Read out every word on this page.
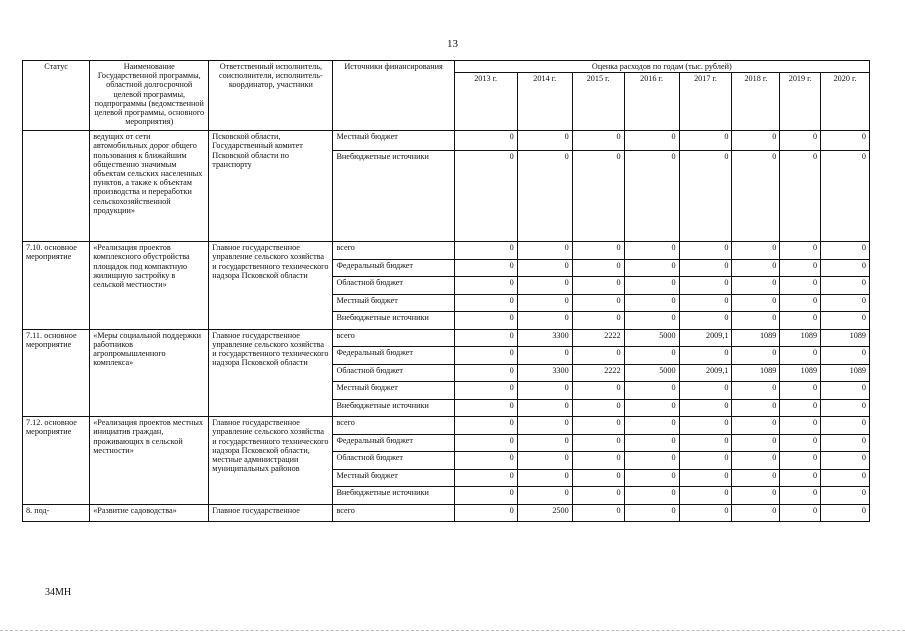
13
Статус	Наименование Государственной программы, областной долгосрочной целевой программы, подпрограммы (ведомственной целевой программы, основного мероприятия)	Ответственный исполнитель, соисполнители, исполнитель-координатор, участники	Источники финансирования	Оценка расходов по годам (тыс. рублей)							
				2013 г.	2014 г.	2015 г.	2016 г.	2017 г.	2018 г.	2019 г.	2020 г.
	ведущих от сети автомобильных дорог общего пользования к ближайшим общественно значимым объектам сельских населенных пунктов, а также к объектам производства и переработки сельскохозяйственной продукции»	Псковской области, Государственный комитет Псковской области по транспорту	Местный бюджет	0	0	0	0	0	0	0	0
			Внебюджетные источники	0	0	0	0	0	0	0	0
7.10. основное мероприятие	«Реализация проектов комплексного обустройства площадок под компактную жилищную застройку в сельской местности»	Главное государственное управление сельского хозяйства и государственного технического надзора Псковской области	всего	0	0	0	0	0	0	0	0
			Федеральный бюджет	0	0	0	0	0	0	0	0
			Областной бюджет	0	0	0	0	0	0	0	0
			Местный бюджет	0	0	0	0	0	0	0	0
			Внебюджетные источники	0	0	0	0	0	0	0	0
7.11. основное мероприятие	«Меры социальной поддержки работников агропромышленного комплекса»	Главное государственное управление сельского хозяйства и государственного технического надзора Псковской области	всего	0	3300	2222	5000	2009,1	1089	1089	1089
			Федеральный бюджет	0	0	0	0	0	0	0	0
			Областной бюджет	0	3300	2222	5000	2009,1	1089	1089	1089
			Местный бюджет	0	0	0	0	0	0	0	0
			Внебюджетные источники	0	0	0	0	0	0	0	0
7.12. основное мероприятие	«Реализация проектов местных инициатив граждан, проживающих в сельской местности»	Главное государственное управление сельского хозяйства и государственного технического надзора Псковской области, местные администрации муниципальных районов	всего	0	0	0	0	0	0	0	0
			Федеральный бюджет	0	0	0	0	0	0	0	0
			Областной бюджет	0	0	0	0	0	0	0	0
			Местный бюджет	0	0	0	0	0	0	0	0
			Внебюджетные источники	0	0	0	0	0	0	0	0
8. под-	«Развитие садоводства»	Главное государственное	всего	0	2500	0	0	0	0	0	0
34МН
